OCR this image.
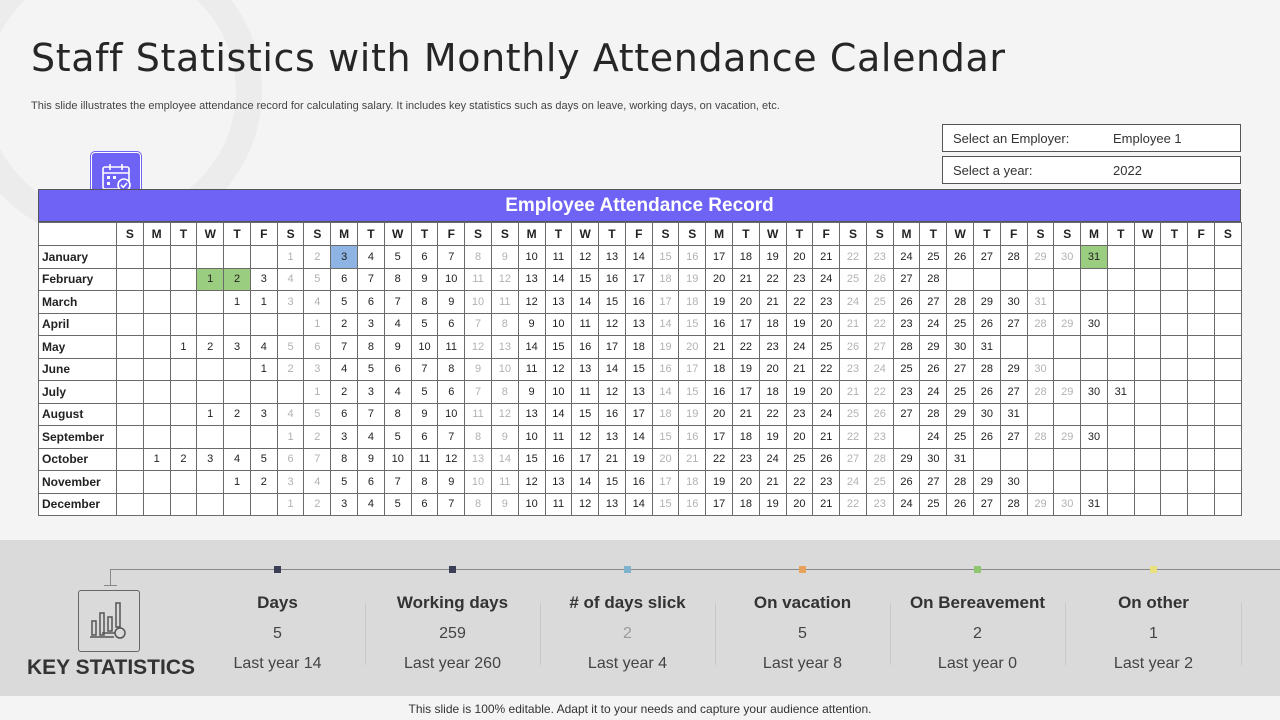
Staff Statistics with Monthly Attendance Calendar
This slide illustrates the employee attendance record for calculating salary. It includes key statistics such as days on leave, working days, on vacation, etc.
Select an Employer:	Employee 1
Select a year:	2022
Employee Attendance Record
	S	M	T	W	T	F	S	S	M	T	W	T	F	S	S	M	T	W	T	F	S	S	M	T	W	T	F	S	S	M	T	W	T	F	S	S	M	T	W	T	F	S
January							1	2	3	4	5	6	7	8	9	10	11	12	13	14	15	16	17	18	19	20	21	22	23	24	25	26	27	28	29	30	31					
February				1	2	3	4	5	6	7	8	9	10	11	12	13	14	15	16	17	18	19	20	21	22	23	24	25	26	27	28											
March					1	1	3	4	5	6	7	8	9	10	11	12	13	14	15	16	17	18	19	20	21	22	23	24	25	26	27	28	29	30	31							
April								1	2	3	4	5	6	7	8	9	10	11	12	13	14	15	16	17	18	19	20	21	22	23	24	25	26	27	28	29	30					
May			1	2	3	4	5	6	7	8	9	10	11	12	13	14	15	16	17	18	19	20	21	22	23	24	25	26	27	28	29	30	31									
June						1	2	3	4	5	6	7	8	9	10	11	12	13	14	15	16	17	18	19	20	21	22	23	24	25	26	27	28	29	30							
July								1	2	3	4	5	6	7	8	9	10	11	12	13	14	15	16	17	18	19	20	21	22	23	24	25	26	27	28	29	30	31				
August				1	2	3	4	5	6	7	8	9	10	11	12	13	14	15	16	17	18	19	20	21	22	23	24	25	26	27	28	29	30	31								
September							1	2	3	4	5	6	7	8	9	10	11	12	13	14	15	16	17	18	19	20	21	22	23		24	25	26	27	28	29	30					
October		1	2	3	4	5	6	7	8	9	10	11	12	13	14	15	16	17	21	19	20	21	22	23	24	25	26	27	28	29	30	31										
November					1	2	3	4	5	6	7	8	9	10	11	12	13	14	15	16	17	18	19	20	21	22	23	24	25	26	27	28	29	30								
December							1	2	3	4	5	6	7	8	9	10	11	12	13	14	15	16	17	18	19	20	21	22	23	24	25	26	27	28	29	30	31					
KEY STATISTICS
Days
5
Last year 14
Working days
259
Last year 260
# of days slick
2
Last year 4
On vacation
5
Last year 8
On Bereavement
2
Last year 0
On other
1
Last year 2
This slide is 100% editable. Adapt it to your needs and capture your audience attention.
